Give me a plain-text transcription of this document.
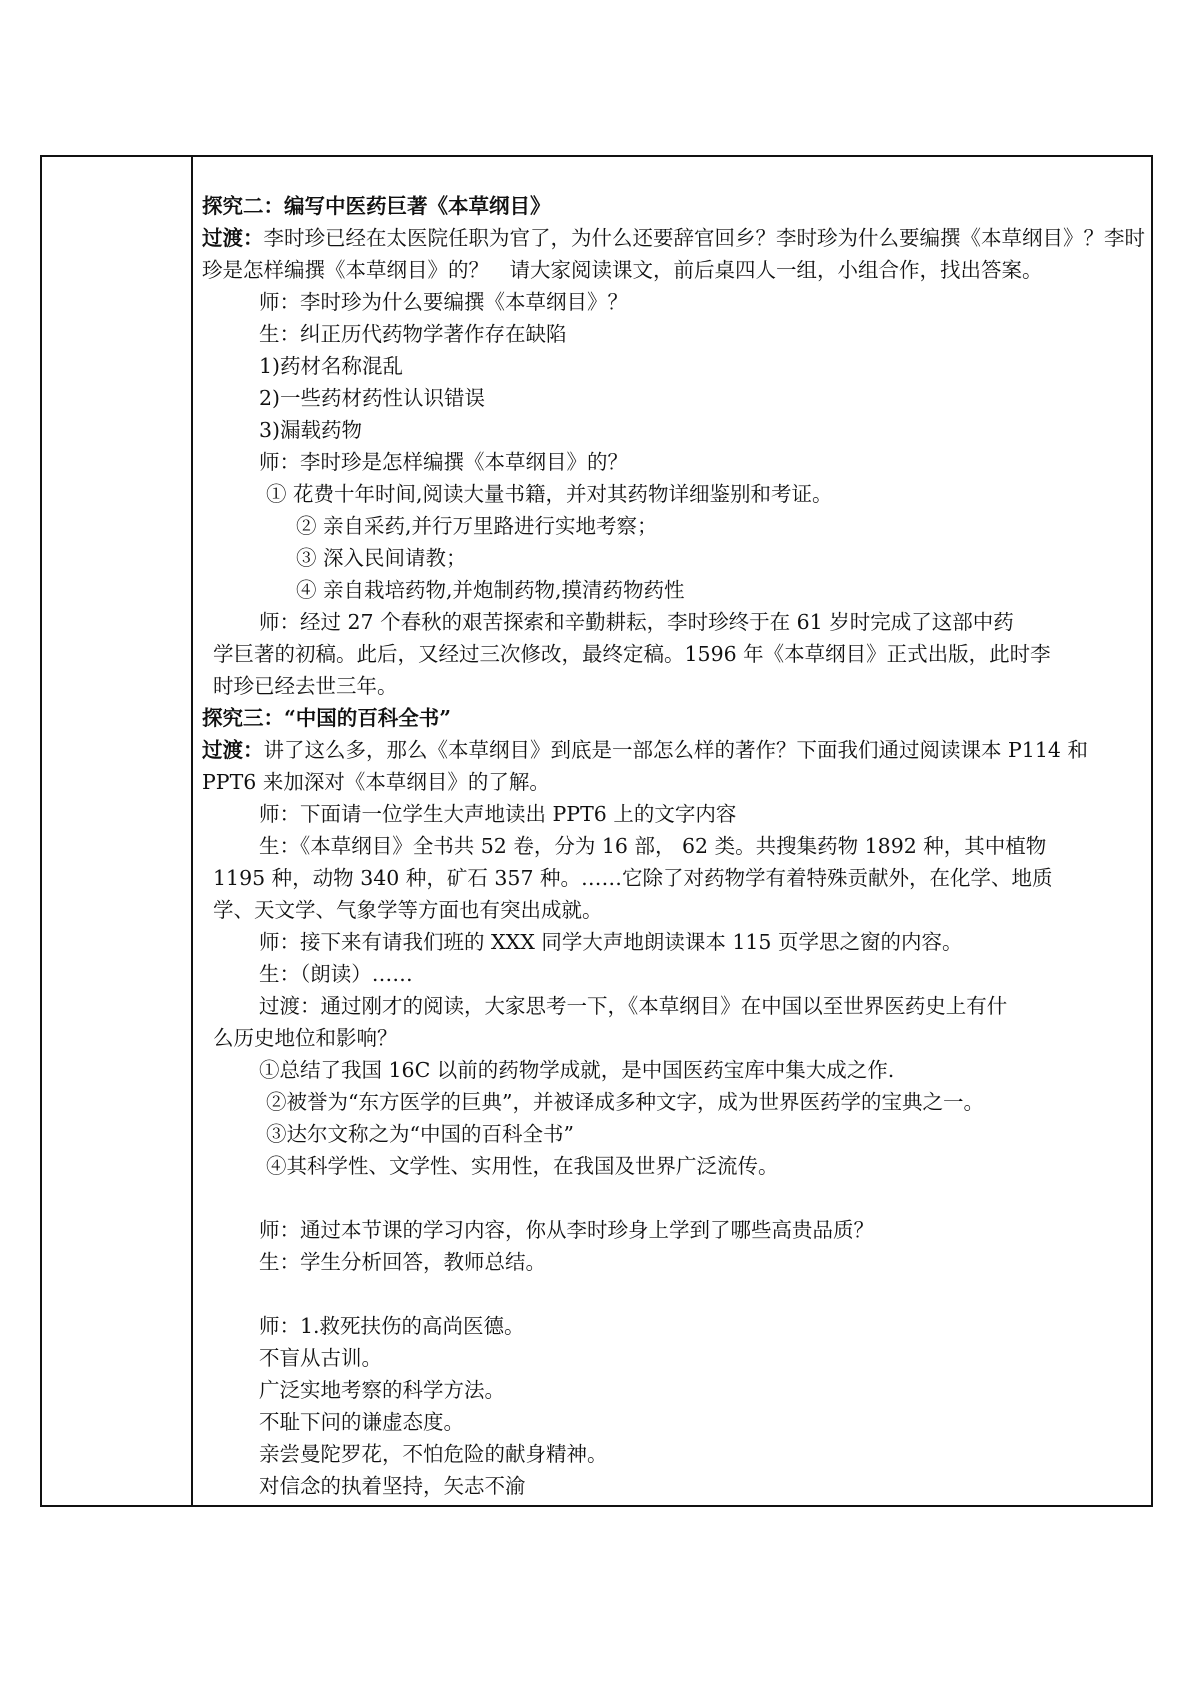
探究二：编写中医药巨著《本草纲目》

过渡：李时珍已经在太医院任职为官了，为什么还要辞官回乡？李时珍为什么要编撰《本草纲目》？李时珍是怎样编撰《本草纲目》的？　请大家阅读课文，前后桌四人一组，小组合作，找出答案。

师：李时珍为什么要编撰《本草纲目》？

生：纠正历代药物学著作存在缺陷

1)药材名称混乱

2)一些药材药性认识错误

3)漏载药物

师：李时珍是怎样编撰《本草纲目》的？

① 花费十年时间,阅读大量书籍，并对其药物详细鉴别和考证。

② 亲自采药,并行万里路进行实地考察；

③ 深入民间请教；

④ 亲自栽培药物,并炮制药物,摸清药物药性

师：经过 27 个春秋的艰苦探索和辛勤耕耘，李时珍终于在 61 岁时完成了这部中药

学巨著的初稿。此后，又经过三次修改，最终定稿。1596 年《本草纲目》正式出版，此时李

时珍已经去世三年。

探究三：“中国的百科全书”

过渡：讲了这么多，那么《本草纲目》到底是一部怎么样的著作？下面我们通过阅读课本 P114 和 PPT6 来加深对《本草纲目》的了解。

师：下面请一位学生大声地读出 PPT6 上的文字内容

生：《本草纲目》全书共 52 卷，分为 16 部， 62 类。共搜集药物 1892 种，其中植物

1195 种，动物 340 种，矿石 357 种。……它除了对药物学有着特殊贡献外，在化学、地质

学、天文学、气象学等方面也有突出成就。

师：接下来有请我们班的 XXX 同学大声地朗读课本 115 页学思之窗的内容。

生：（朗读）……

过渡：通过刚才的阅读，大家思考一下，《本草纲目》在中国以至世界医药史上有什

么历史地位和影响？

①总结了我国 16C 以前的药物学成就，是中国医药宝库中集大成之作.

②被誉为“东方医学的巨典”，并被译成多种文字，成为世界医药学的宝典之一。

③达尔文称之为“中国的百科全书”

④其科学性、文学性、实用性，在我国及世界广泛流传。

师：通过本节课的学习内容，你从李时珍身上学到了哪些高贵品质？

生：学生分析回答，教师总结。

师：1.救死扶伤的高尚医德。

不盲从古训。

广泛实地考察的科学方法。

不耻下问的谦虚态度。

亲尝曼陀罗花，不怕危险的献身精神。

对信念的执着坚持，矢志不渝
